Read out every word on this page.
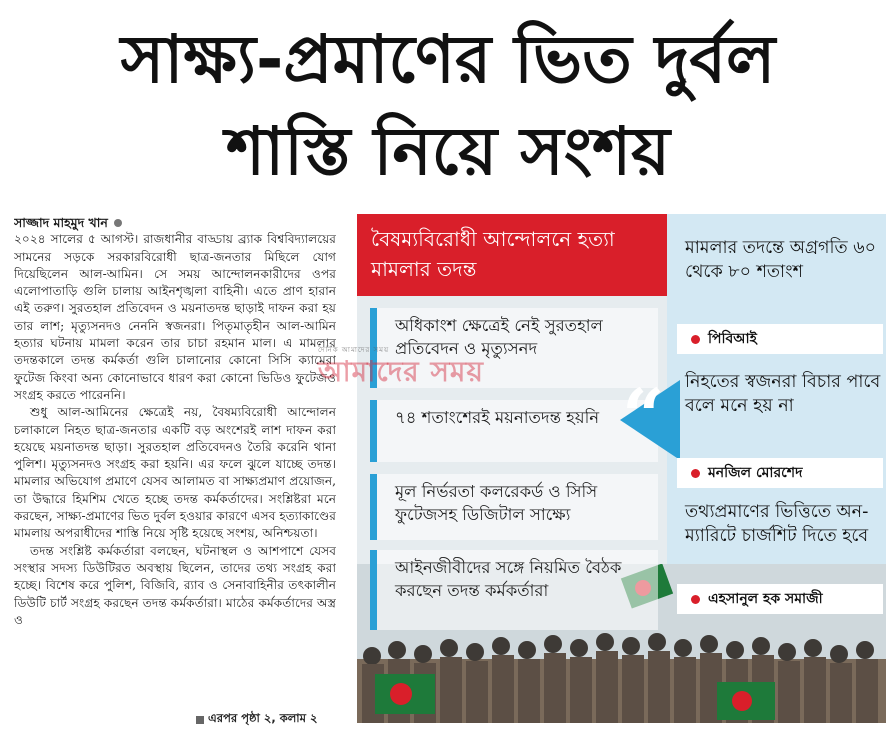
সাক্ষ্য-প্রমাণের ভিত দুর্বল
শাস্তি নিয়ে সংশয়
সাজ্জাদ মাহমুদ খান

২০২৪ সালের ৫ আগস্ট। রাজধানীর বাড্ডায় ব্র্যাক বিশ্ববিদ্যালয়ের সামনের সড়কে সরকারবিরোধী ছাত্র-জনতার মিছিলে যোগ দিয়েছিলেন আল-আমিন। সে সময় আন্দোলনকারীদের ওপর এলোপাতাড়ি গুলি চালায় আইনশৃঙ্খলা বাহিনী। এতে প্রাণ হারান এই তরুণ। সুরতহাল প্রতিবেদন ও ময়নাতদন্ত ছাড়াই দাফন করা হয় তার লাশ; মৃত্যুসনদও নেননি স্বজনরা। পিতৃমাতৃহীন আল-আমিন হত্যার ঘটনায় মামলা করেন তার চাচা রহমান মাল। এ মামলার তদন্তকালে তদন্ত কর্মকর্তা গুলি চালানোর কোনো সিসি ক্যামেরা ফুটেজ কিংবা অন্য কোনোভাবে ধারণ করা কোনো ভিডিও ফুটেজও সংগ্রহ করতে পারেননি।

শুধু আল-আমিনের ক্ষেত্রেই নয়, বৈষম্যবিরোধী আন্দোলন চলাকালে নিহত ছাত্র-জনতার একটি বড় অংশেরই লাশ দাফন করা হয়েছে ময়নাতদন্ত ছাড়া। সুরতহাল প্রতিবেদনও তৈরি করেনি থানা পুলিশ। মৃত্যুসনদও সংগ্রহ করা হয়নি। এর ফলে ঝুলে যাচ্ছে তদন্ত। মামলার অভিযোগ প্রমাণে যেসব আলামত বা সাক্ষ্যপ্রমাণ প্রয়োজন, তা উদ্ধারে হিমশিম খেতে হচ্ছে তদন্ত কর্মকর্তাদের। সংশ্লিষ্টরা মনে করছেন, সাক্ষ্য-প্রমাণের ভিত দুর্বল হওয়ার কারণে এসব হত্যাকাণ্ডের মামলায় অপরাধীদের শাস্তি নিয়ে সৃষ্টি হয়েছে সংশয়, অনিশ্চয়তা।

তদন্ত সংশ্লিষ্ট কর্মকর্তারা বলছেন, ঘটনাস্থল ও আশপাশে যেসব সংস্থার সদস্য ডিউটিরত অবস্থায় ছিলেন, তাদের তথ্য সংগ্রহ করা হচ্ছে। বিশেষ করে পুলিশ, বিজিবি, র‍্যাব ও সেনাবাহিনীর তৎকালীন ডিউটি চার্ট সংগ্রহ করছেন তদন্ত কর্মকর্তারা। মাঠের কর্মকর্তাদের অস্ত্র ও

এরপর পৃষ্ঠা ২, কলাম ২
বৈষম্যবিরোধী আন্দোলনে হত্যা মামলার তদন্ত
অধিকাংশ ক্ষেত্রেই নেই সুরতহাল প্রতিবেদন ও মৃত্যুসনদ
৭৪ শতাংশেরই ময়নাতদন্ত হয়নি
মূল নির্ভরতা কলরেকর্ড ও সিসি ফুটেজসহ ডিজিটাল সাক্ষ্যে
আইনজীবীদের সঙ্গে নিয়মিত বৈঠক করছেন তদন্ত কর্মকর্তারা
“
মামলার তদন্তে অগ্রগতি ৬০ থেকে ৮০ শতাংশ
পিবিআই
নিহতের স্বজনরা বিচার পাবে বলে মনে হয় না
মনজিল মোরশেদ
তথ্যপ্রমাণের ভিত্তিতে অন-ম্যারিটে চার্জশিট দিতে হবে
এহসানুল হক সমাজী
দৈনিক আমাদের সময়
আমাদের সময়
